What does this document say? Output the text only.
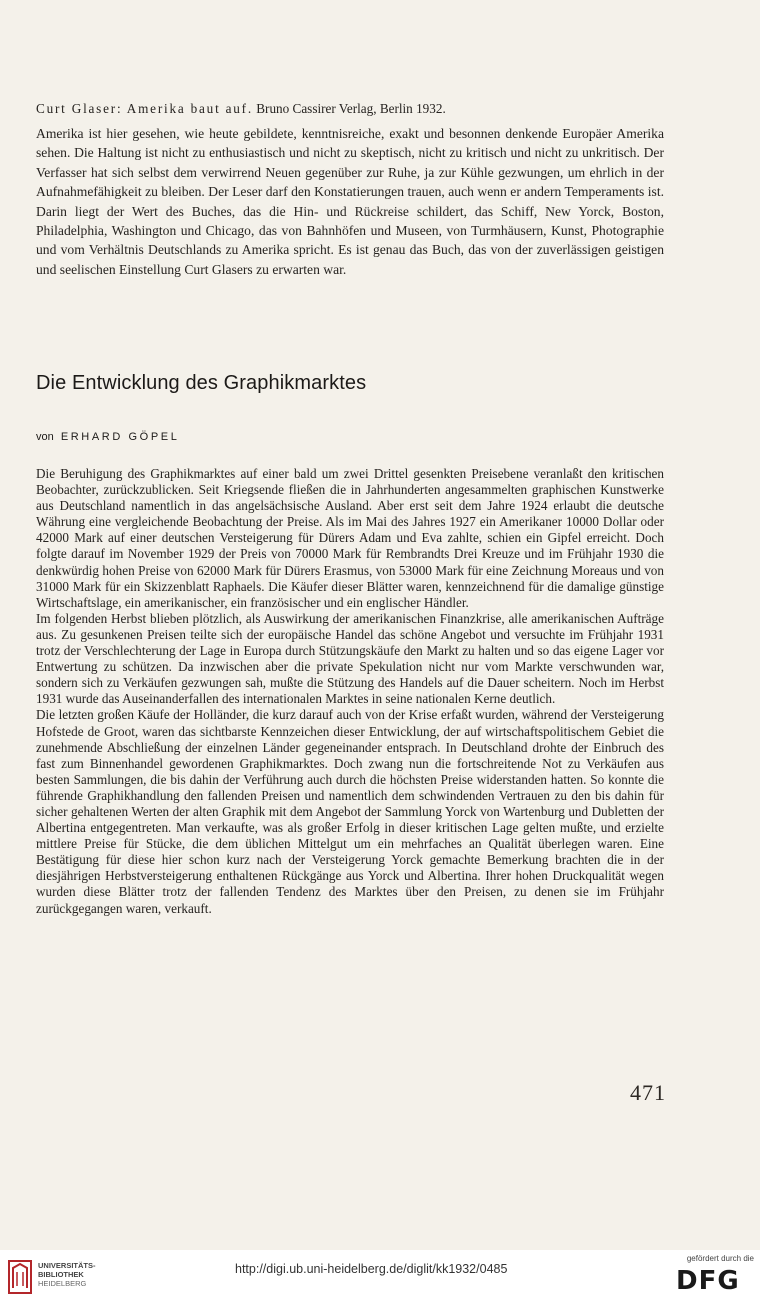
Curt Glaser: Amerika baut auf. Bruno Cassirer Verlag, Berlin 1932.

Amerika ist hier gesehen, wie heute gebildete, kenntnisreiche, exakt und besonnen denkende Europäer Amerika sehen. Die Haltung ist nicht zu enthusiastisch und nicht zu skeptisch, nicht zu kritisch und nicht zu unkritisch. Der Verfasser hat sich selbst dem verwirrend Neuen gegenüber zur Ruhe, ja zur Kühle gezwungen, um ehrlich in der Aufnahmefähigkeit zu bleiben. Der Leser darf den Konstatierungen trauen, auch wenn er andern Temperaments ist. Darin liegt der Wert des Buches, das die Hin- und Rückreise schildert, das Schiff, New Yorck, Boston, Philadelphia, Washington und Chicago, das von Bahnhöfen und Museen, von Turmhäusern, Kunst, Photographie und vom Verhältnis Deutschlands zu Amerika spricht. Es ist genau das Buch, das von der zuverlässigen geistigen und seelischen Einstellung Curt Glasers zu erwarten war.

Die Entwicklung des Graphikmarktes
von ERHARD GÖPEL

Die Beruhigung des Graphikmarktes auf einer bald um zwei Drittel gesenkten Preisebene veranlaßt den kritischen Beobachter, zurückzublicken. Seit Kriegsende fließen die in Jahrhunderten angesammelten graphischen Kunstwerke aus Deutschland namentlich in das angelsächsische Ausland. Aber erst seit dem Jahre 1924 erlaubt die deutsche Währung eine vergleichende Beobachtung der Preise. Als im Mai des Jahres 1927 ein Amerikaner 10000 Dollar oder 42000 Mark auf einer deutschen Versteigerung für Dürers Adam und Eva zahlte, schien ein Gipfel erreicht. Doch folgte darauf im November 1929 der Preis von 70000 Mark für Rembrandts Drei Kreuze und im Frühjahr 1930 die denkwürdig hohen Preise von 62000 Mark für Dürers Erasmus, von 53000 Mark für eine Zeichnung Moreaus und von 31000 Mark für ein Skizzenblatt Raphaels. Die Käufer dieser Blätter waren, kennzeichnend für die damalige günstige Wirtschaftslage, ein amerikanischer, ein französischer und ein englischer Händler.

Im folgenden Herbst blieben plötzlich, als Auswirkung der amerikanischen Finanzkrise, alle amerikanischen Aufträge aus. Zu gesunkenen Preisen teilte sich der europäische Handel das schöne Angebot und versuchte im Frühjahr 1931 trotz der Verschlechterung der Lage in Europa durch Stützungskäufe den Markt zu halten und so das eigene Lager vor Entwertung zu schützen. Da inzwischen aber die private Spekulation nicht nur vom Markte verschwunden war, sondern sich zu Verkäufen gezwungen sah, mußte die Stützung des Handels auf die Dauer scheitern. Noch im Herbst 1931 wurde das Auseinanderfallen des internationalen Marktes in seine nationalen Kerne deutlich.

Die letzten großen Käufe der Holländer, die kurz darauf auch von der Krise erfaßt wurden, während der Versteigerung Hofstede de Groot, waren das sichtbarste Kennzeichen dieser Entwicklung, der auf wirtschaftspolitischem Gebiet die zunehmende Abschließung der einzelnen Länder gegeneinander entsprach. In Deutschland drohte der Einbruch des fast zum Binnenhandel gewordenen Graphikmarktes. Doch zwang nun die fortschreitende Not zu Verkäufen aus besten Sammlungen, die bis dahin der Verführung auch durch die höchsten Preise widerstanden hatten. So konnte die führende Graphikhandlung den fallenden Preisen und namentlich dem schwindenden Vertrauen zu den bis dahin für sicher gehaltenen Werten der alten Graphik mit dem Angebot der Sammlung Yorck von Wartenburg und Dubletten der Albertina entgegentreten. Man verkaufte, was als großer Erfolg in dieser kritischen Lage gelten mußte, und erzielte mittlere Preise für Stücke, die dem üblichen Mittelgut um ein mehrfaches an Qualität überlegen waren. Eine Bestätigung für diese hier schon kurz nach der Versteigerung Yorck gemachte Bemerkung brachten die in der diesjährigen Herbstversteigerung enthaltenen Rückgänge aus Yorck und Albertina. Ihrer hohen Druckqualität wegen wurden diese Blätter trotz der fallenden Tendenz des Marktes über den Preisen, zu denen sie im Frühjahr zurückgegangen waren, verkauft.

471
UNIVERSITÄTS-
BIBLIOTHEK
HEIDELBERG
http://digi.ub.uni-heidelberg.de/diglit/kk1932/0485
gefördert durch die
DFG
